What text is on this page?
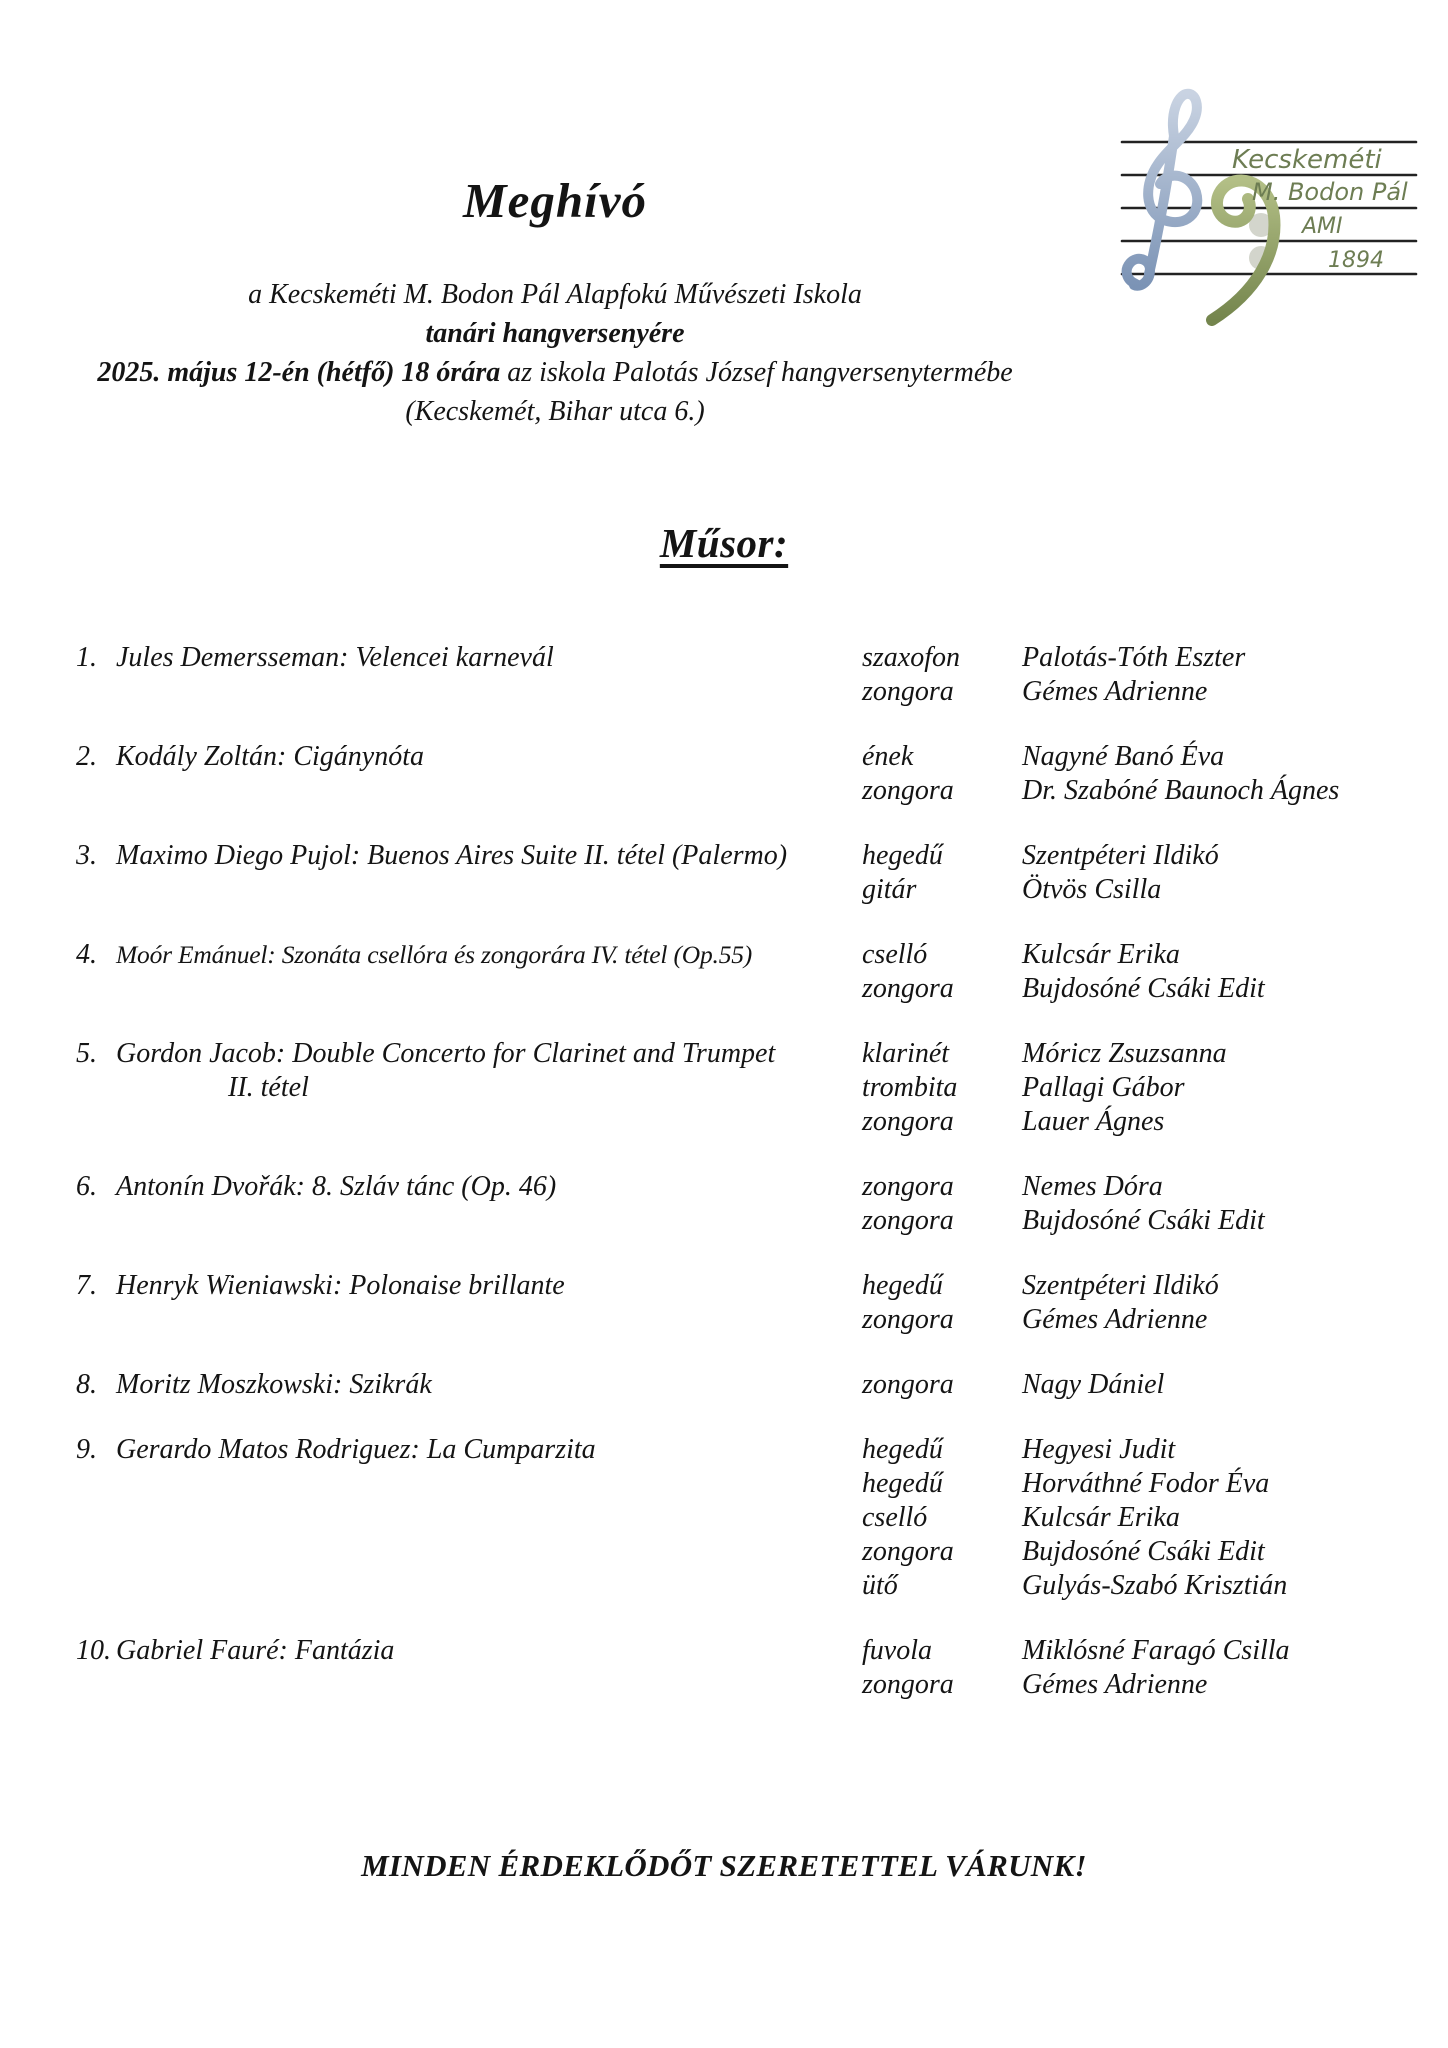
Kecskeméti
M. Bodon Pál
AMI
1894
Meghívó
a Kecskeméti M. Bodon Pál Alapfokú Művészeti Iskola
tanári hangversenyére
2025. május 12-én (hétfő) 18 órára az iskola Palotás József hangversenytermébe
(Kecskemét, Bihar utca 6.)
Műsor:
1. Jules Demersseman: Velencei karnevál	szaxofon	Palotás-Tóth Eszter
zongora	Gémes Adrienne
2. Kodály Zoltán: Cigánynóta	ének	Nagyné Banó Éva
zongora	Dr. Szabóné Baunoch Ágnes
3. Maximo Diego Pujol: Buenos Aires Suite II. tétel (Palermo)	hegedű	Szentpéteri Ildikó
gitár	Ötvös Csilla
4. Moór Emánuel: Szonáta csellóra és zongorára IV. tétel (Op.55)	cselló	Kulcsár Erika
zongora	Bujdosóné Csáki Edit
5. Gordon Jacob: Double Concerto for Clarinet and Trumpet
II. tétel
klarinét	Móricz Zsuzsanna
trombita	Pallagi Gábor
zongora	Lauer Ágnes
6. Antonín Dvořák: 8. Szláv tánc (Op. 46)	zongora	Nemes Dóra
zongora	Bujdosóné Csáki Edit
7. Henryk Wieniawski: Polonaise brillante	hegedű	Szentpéteri Ildikó
zongora	Gémes Adrienne
8. Moritz Moszkowski: Szikrák	zongora	Nagy Dániel
9. Gerardo Matos Rodriguez: La Cumparzita	hegedű	Hegyesi Judit
hegedű	Horváthné Fodor Éva
cselló	Kulcsár Erika
zongora	Bujdosóné Csáki Edit
ütő	Gulyás-Szabó Krisztián
10. Gabriel Fauré: Fantázia	fuvola	Miklósné Faragó Csilla
zongora	Gémes Adrienne
MINDEN ÉRDEKLŐDŐT SZERETETTEL VÁRUNK!
